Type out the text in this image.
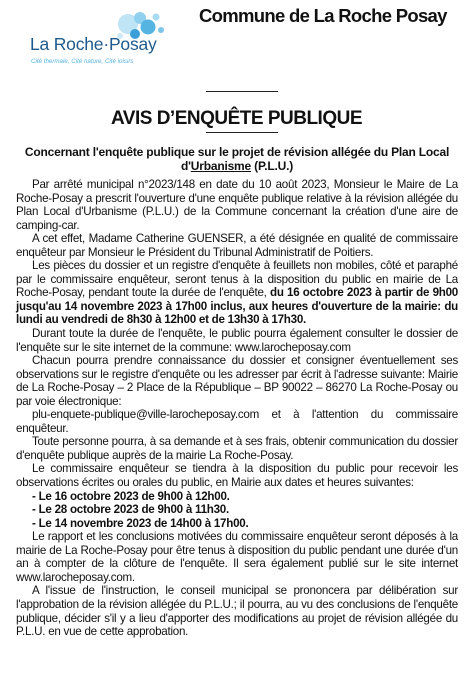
La Roche·Posay
Cité thermale, Cité nature, Cité loisirs
Commune de La Roche Posay
AVIS D’ENQUÊTE PUBLIQUE
Concernant l'enquête publique sur le projet de révision allégée du Plan Local d'Urbanisme (P.L.U.)

Par arrêté municipal n°2023/148 en date du 10 août 2023, Monsieur le Maire de La Roche-Posay a prescrit l'ouverture d'une enquête publique relative à la révision allégée du Plan Local d'Urbanisme (P.L.U.) de la Commune concernant la création d'une aire de camping-car.

A cet effet, Madame Catherine GUENSER, a été désignée en qualité de commissaire enquêteur par Monsieur le Président du Tribunal Administratif de Poitiers.

Les pièces du dossier et un registre d'enquête à feuillets non mobiles, côté et paraphé par le commissaire enquêteur, seront tenus à la disposition du public en mairie de La Roche-Posay, pendant toute la durée de l'enquête, du 16 octobre 2023 à partir de 9h00 jusqu'au 14 novembre 2023 à 17h00 inclus, aux heures d'ouverture de la mairie: du lundi au vendredi de 8h30 à 12h00 et de 13h30 à 17h30.

Durant toute la durée de l'enquête, le public pourra également consulter le dossier de l'enquête sur le site internet de la commune: www.larocheposay.com

Chacun pourra prendre connaissance du dossier et consigner éventuellement ses observations sur le registre d'enquête ou les adresser par écrit à l'adresse suivante: Mairie de La Roche-Posay – 2 Place de la République – BP 90022 – 86270 La Roche-Posay ou par voie électronique:

plu-enquete-publique@ville-larocheposay.com et à l'attention du commissaire enquêteur.

Toute personne pourra, à sa demande et à ses frais, obtenir communication du dossier d'enquête publique auprès de la mairie La Roche-Posay.

Le commissaire enquêteur se tiendra à la disposition du public pour recevoir les observations écrites ou orales du public, en Mairie aux dates et heures suivantes:

- Le 16 octobre 2023 de 9h00 à 12h00.
- Le 28 octobre 2023 de 9h00 à 11h30.
- Le 14 novembre 2023 de 14h00 à 17h00.

Le rapport et les conclusions motivées du commissaire enquêteur seront déposés à la mairie de La Roche-Posay pour être tenus à disposition du public pendant une durée d'un an à compter de la clôture de l'enquête. Il sera également publié sur le site internet www.larocheposay.com.

A l'issue de l'instruction, le conseil municipal se prononcera par délibération sur l'approbation de la révision allégée du P.L.U.; il pourra, au vu des conclusions de l'enquête publique, décider s'il y a lieu d'apporter des modifications au projet de révision allégée du P.L.U. en vue de cette approbation.
